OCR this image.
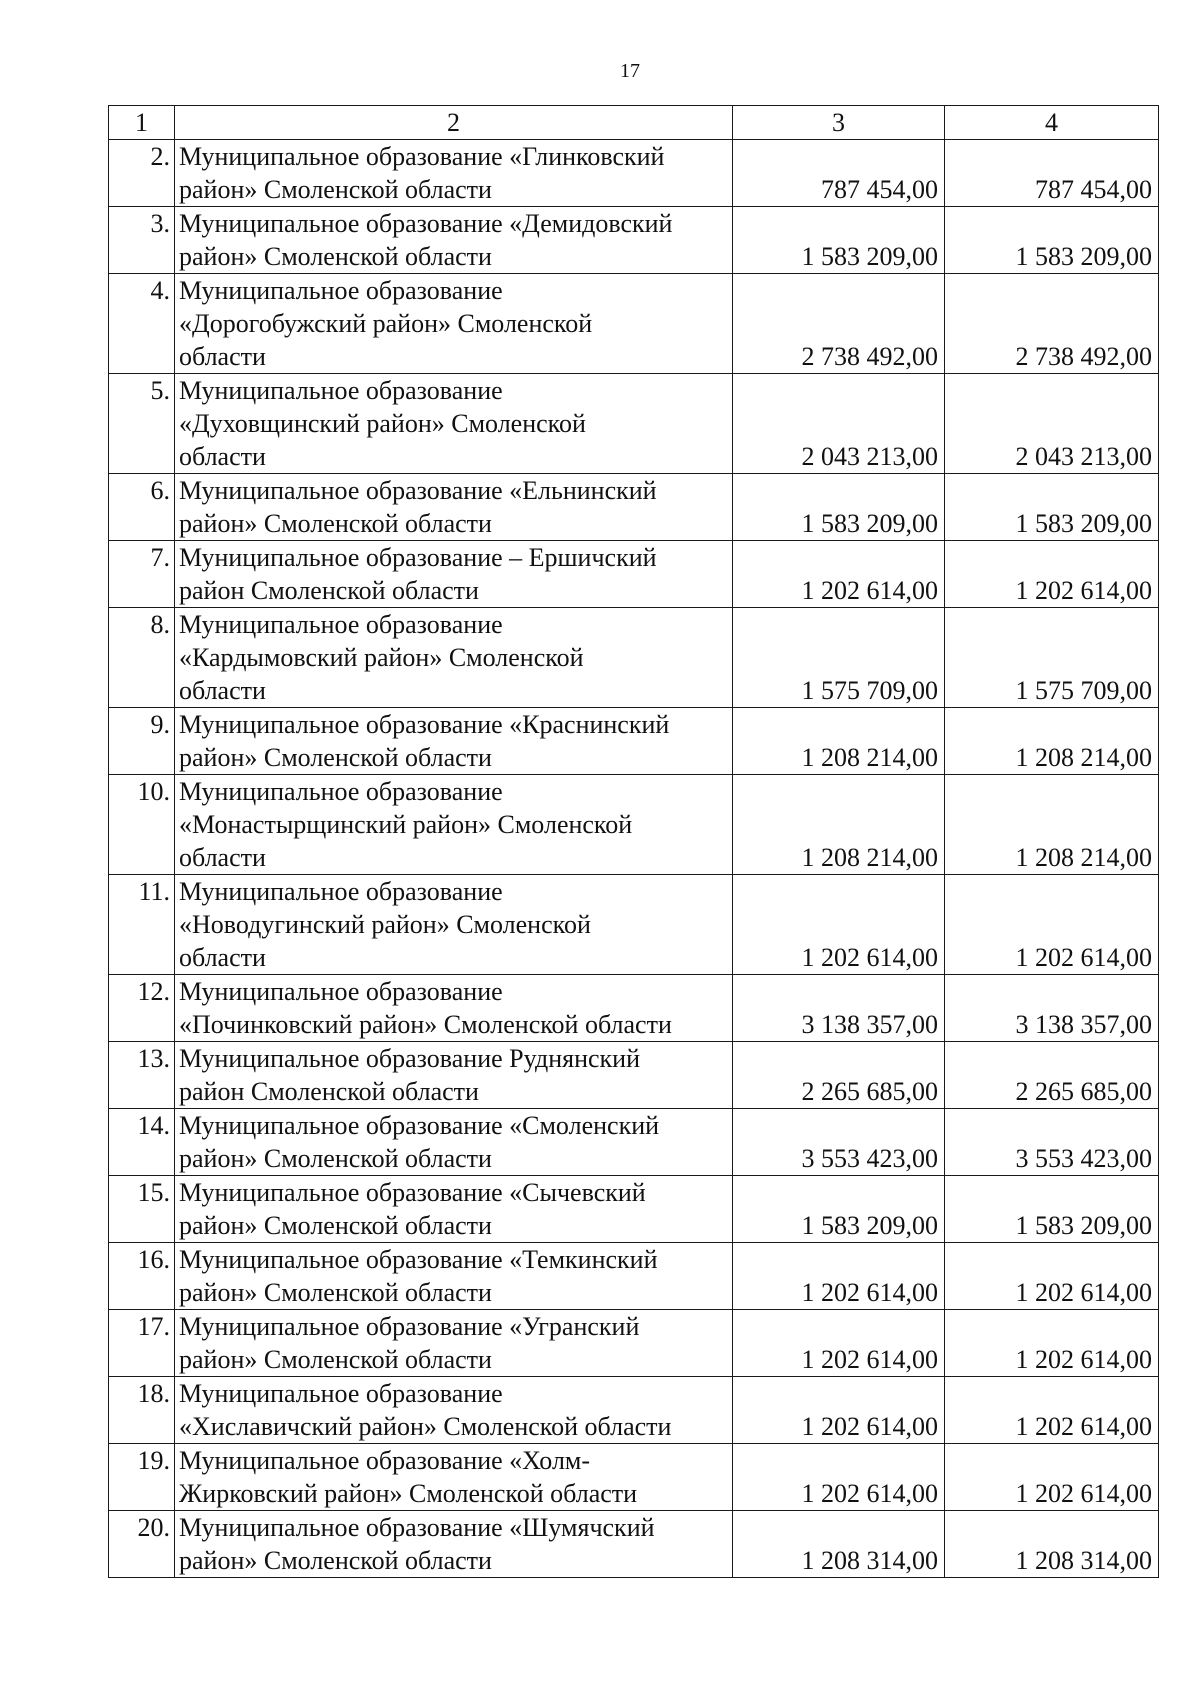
17
1	2	3	4
2.	Муниципальное образование «Глинковский
район» Смоленской области	787 454,00	787 454,00
3.	Муниципальное образование «Демидовский
район» Смоленской области	1 583 209,00	1 583 209,00
4.	Муниципальное образование
«Дорогобужский район» Смоленской
области	2 738 492,00	2 738 492,00
5.	Муниципальное образование
«Духовщинский район» Смоленской
области	2 043 213,00	2 043 213,00
6.	Муниципальное образование «Ельнинский
район» Смоленской области	1 583 209,00	1 583 209,00
7.	Муниципальное образование – Ершичский
район Смоленской области	1 202 614,00	1 202 614,00
8.	Муниципальное образование
«Кардымовский район» Смоленской
области	1 575 709,00	1 575 709,00
9.	Муниципальное образование «Краснинский
район» Смоленской области	1 208 214,00	1 208 214,00
10.	Муниципальное образование
«Монастырщинский район» Смоленской
области	1 208 214,00	1 208 214,00
11.	Муниципальное образование
«Новодугинский район» Смоленской
области	1 202 614,00	1 202 614,00
12.	Муниципальное образование
«Починковский район» Смоленской области	3 138 357,00	3 138 357,00
13.	Муниципальное образование Руднянский
район Смоленской области	2 265 685,00	2 265 685,00
14.	Муниципальное образование «Смоленский
район» Смоленской области	3 553 423,00	3 553 423,00
15.	Муниципальное образование «Сычевский
район» Смоленской области	1 583 209,00	1 583 209,00
16.	Муниципальное образование «Темкинский
район» Смоленской области	1 202 614,00	1 202 614,00
17.	Муниципальное образование «Угранский
район» Смоленской области	1 202 614,00	1 202 614,00
18.	Муниципальное образование
«Хиславичский район» Смоленской области	1 202 614,00	1 202 614,00
19.	Муниципальное образование «Холм-
Жирковский район» Смоленской области	1 202 614,00	1 202 614,00
20.	Муниципальное образование «Шумячский
район» Смоленской области	1 208 314,00	1 208 314,00
